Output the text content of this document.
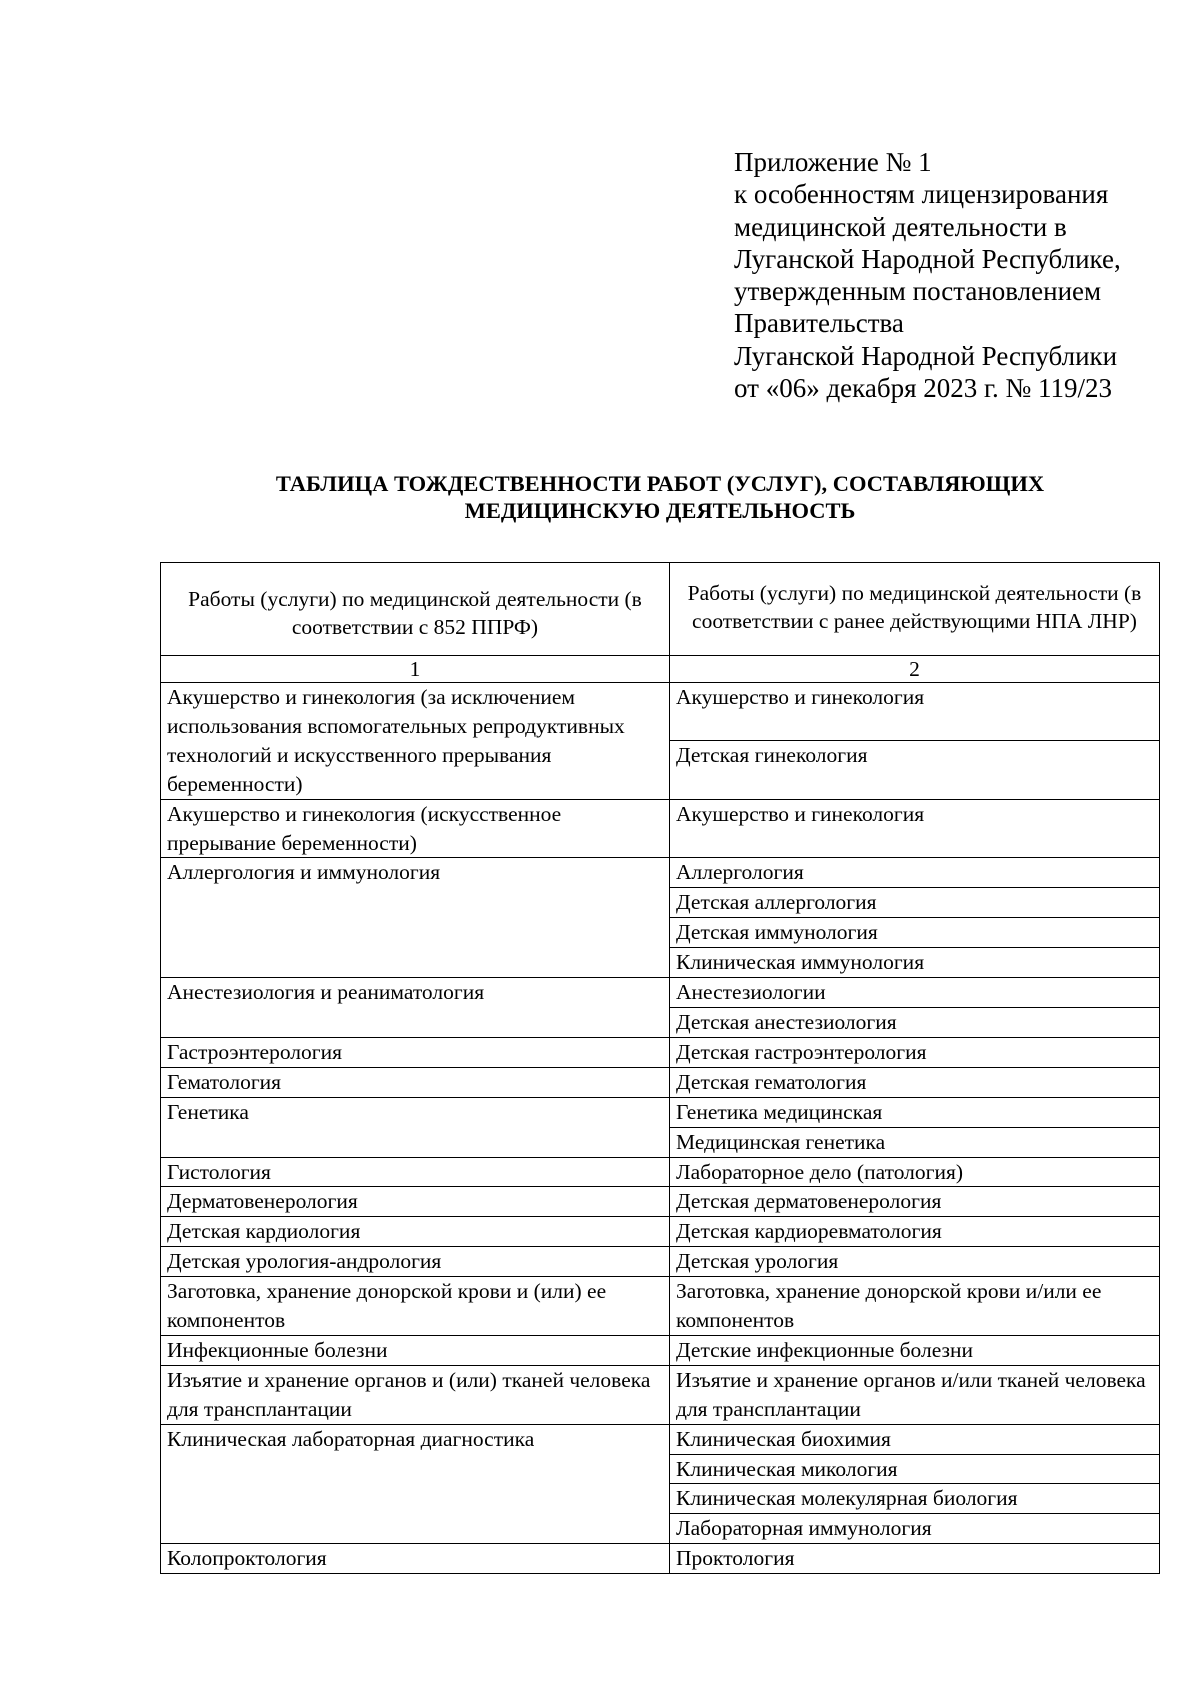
Приложение № 1
к особенностям лицензирования
медицинской деятельности в
Луганской Народной Республике,
утвержденным постановлением
Правительства
Луганской Народной Республики
от «06» декабря 2023 г. № 119/23
ТАБЛИЦА ТОЖДЕСТВЕННОСТИ РАБОТ (УСЛУГ), СОСТАВЛЯЮЩИХ
МЕДИЦИНСКУЮ ДЕЯТЕЛЬНОСТЬ
Работы (услуги) по медицинской деятельности (в соответствии с 852 ППРФ)	Работы (услуги) по медицинской деятельности (в соответствии с ранее действующими НПА ЛНР)
1	2
Акушерство и гинекология (за исключением использования вспомогательных репродуктивных технологий и искусственного прерывания беременности)	Акушерство и гинекология
	Детская гинекология
Акушерство и гинекология (искусственное прерывание беременности)	Акушерство и гинекология
Аллергология и иммунология	Аллергология
	Детская аллергология
	Детская иммунология
	Клиническая иммунология
Анестезиология и реаниматология	Анестезиологии
	Детская анестезиология
Гастроэнтерология	Детская гастроэнтерология
Гематология	Детская гематология
Генетика	Генетика медицинская
	Медицинская генетика
Гистология	Лабораторное дело (патология)
Дерматовенерология	Детская дерматовенерология
Детская кардиология	Детская кардиоревматология
Детская урология-андрология	Детская урология
Заготовка, хранение донорской крови и (или) ее компонентов	Заготовка, хранение донорской крови и/или ее компонентов
Инфекционные болезни	Детские инфекционные болезни
Изъятие и хранение органов и (или) тканей человека для трансплантации	Изъятие и хранение органов и/или тканей человека для трансплантации
Клиническая лабораторная диагностика	Клиническая биохимия
	Клиническая микология
	Клиническая молекулярная биология
	Лабораторная иммунология
Колопроктология	Проктология
